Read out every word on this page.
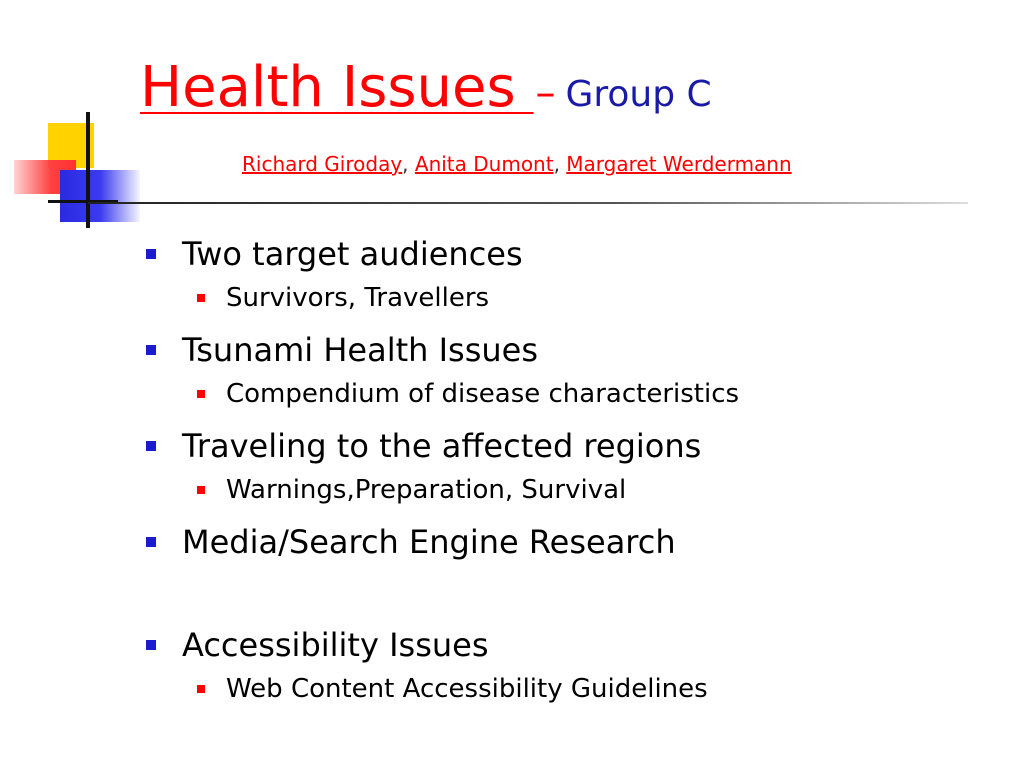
Health Issues – Group C
Richard Giroday, Anita Dumont, Margaret Werdermann
Two target audiences
Survivors, Travellers
Tsunami Health Issues
Compendium of disease characteristics
Traveling to the affected regions
Warnings,Preparation, Survival
Media/Search Engine Research
Accessibility Issues
Web Content Accessibility Guidelines
